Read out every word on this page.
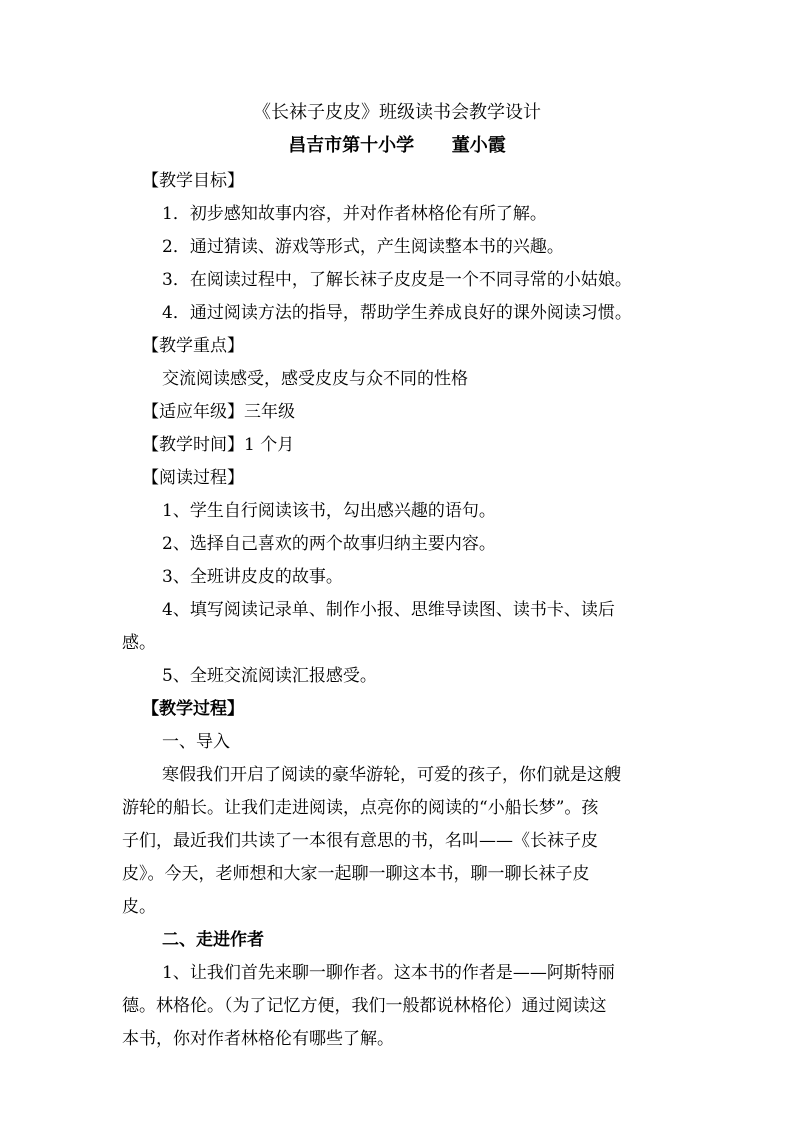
《长袜子皮皮》班级读书会教学设计
昌吉市第十小学      董小霞
【教学目标】
1．初步感知故事内容，并对作者林格伦有所了解。
2．通过猜读、游戏等形式，产生阅读整本书的兴趣。
3．在阅读过程中，了解长袜子皮皮是一个不同寻常的小姑娘。
4．通过阅读方法的指导，帮助学生养成良好的课外阅读习惯。
【教学重点】
交流阅读感受，感受皮皮与众不同的性格
【适应年级】三年级
【教学时间】1 个月
【阅读过程】
1、学生自行阅读该书，勾出感兴趣的语句。
2、选择自己喜欢的两个故事归纳主要内容。
3、全班讲皮皮的故事。
4、填写阅读记录单、制作小报、思维导读图、读书卡、读后
感。
5、全班交流阅读汇报感受。
【教学过程】
一、导入
寒假我们开启了阅读的豪华游轮，可爱的孩子，你们就是这艘
游轮的船长。让我们走进阅读，点亮你的阅读的“小船长梦”。孩
子们，最近我们共读了一本很有意思的书，名叫——《长袜子皮
皮》。今天，老师想和大家一起聊一聊这本书，聊一聊长袜子皮
皮。
二、走进作者
1、让我们首先来聊一聊作者。这本书的作者是——阿斯特丽
德。林格伦。（为了记忆方便，我们一般都说林格伦）通过阅读这
本书，你对作者林格伦有哪些了解。
